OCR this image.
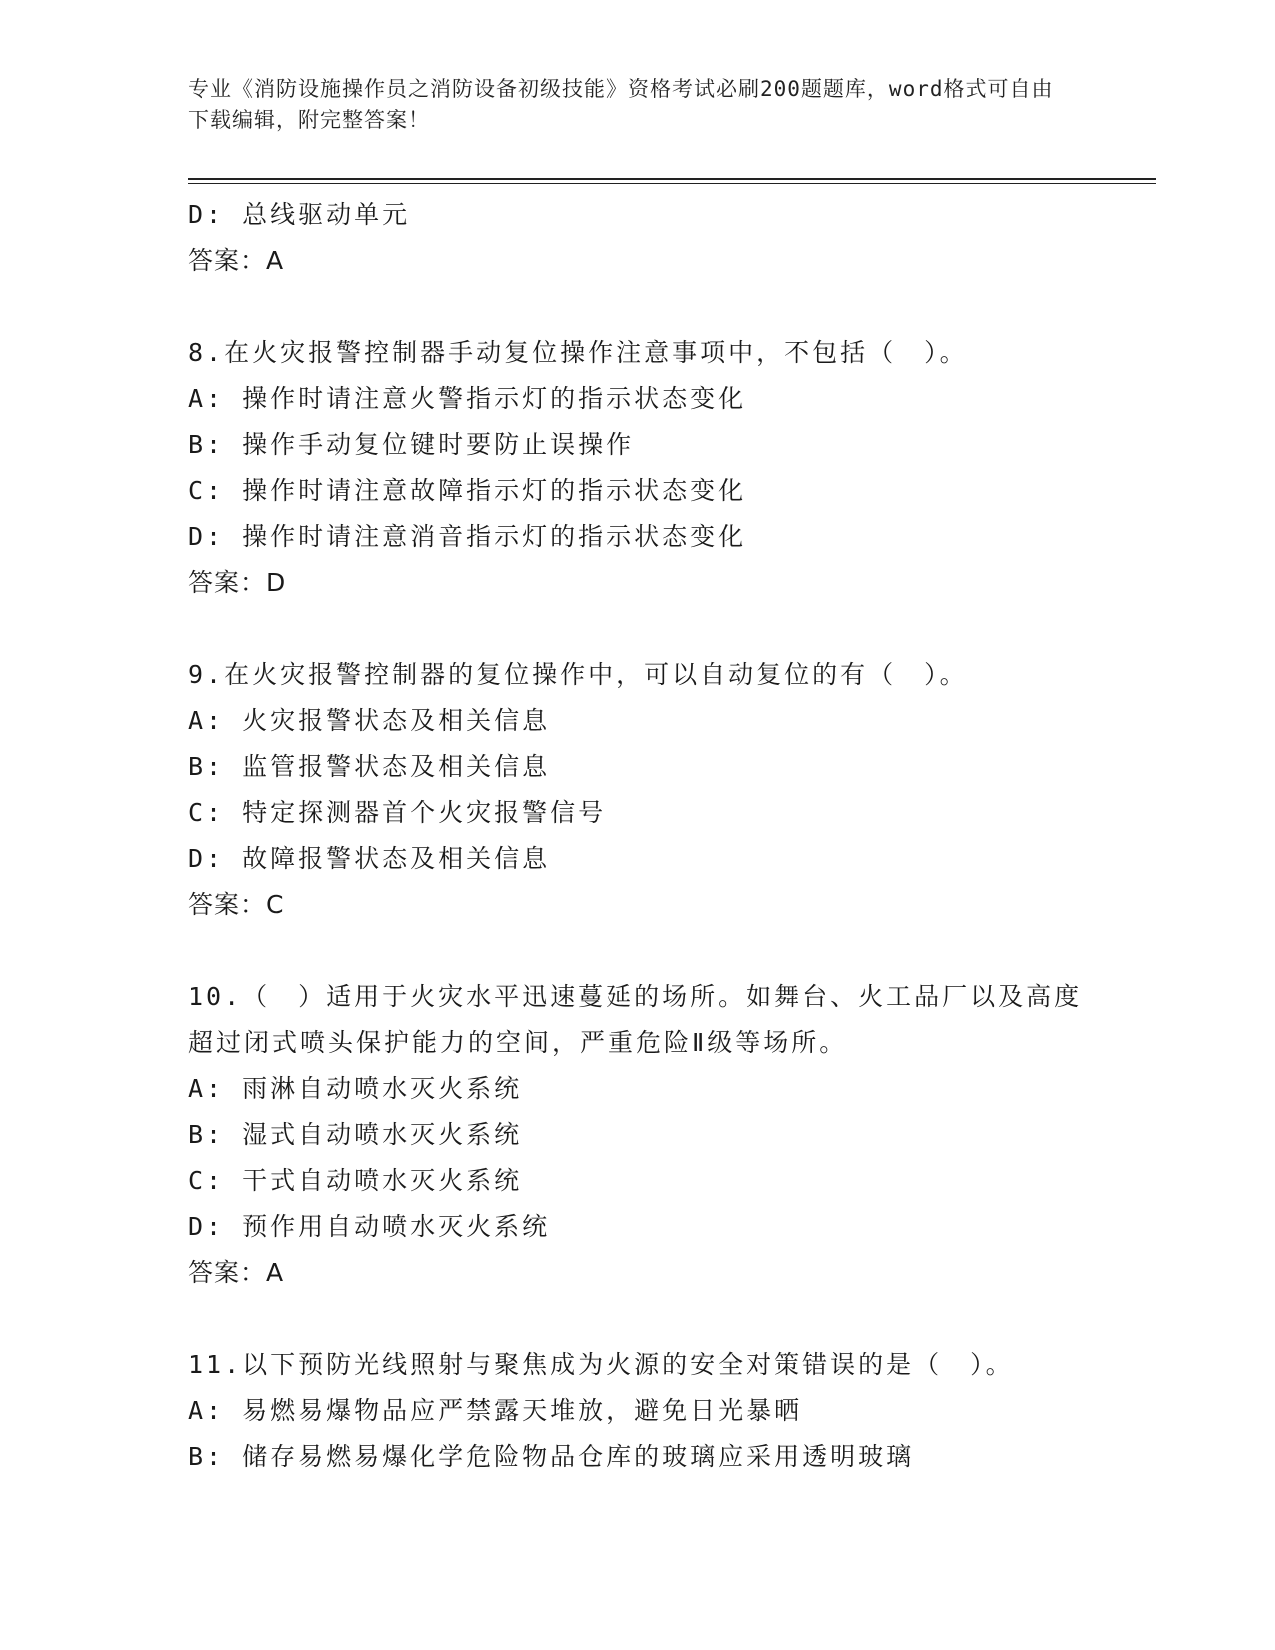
专业《消防设施操作员之消防设备初级技能》资格考试必刷200题题库，word格式可自由下载编辑，附完整答案！
D: 总线驱动单元
答案：A
8.在火灾报警控制器手动复位操作注意事项中，不包括（　）。
A: 操作时请注意火警指示灯的指示状态变化
B: 操作手动复位键时要防止误操作
C: 操作时请注意故障指示灯的指示状态变化
D: 操作时请注意消音指示灯的指示状态变化
答案：D
9.在火灾报警控制器的复位操作中，可以自动复位的有（　）。
A: 火灾报警状态及相关信息
B: 监管报警状态及相关信息
C: 特定探测器首个火灾报警信号
D: 故障报警状态及相关信息
答案：C
10.（　）适用于火灾水平迅速蔓延的场所。如舞台、火工品厂以及高度超过闭式喷头保护能力的空间，严重危险Ⅱ级等场所。
A: 雨淋自动喷水灭火系统
B: 湿式自动喷水灭火系统
C: 干式自动喷水灭火系统
D: 预作用自动喷水灭火系统
答案：A
11.以下预防光线照射与聚焦成为火源的安全对策错误的是（　）。
A: 易燃易爆物品应严禁露天堆放，避免日光暴晒
B: 储存易燃易爆化学危险物品仓库的玻璃应采用透明玻璃
